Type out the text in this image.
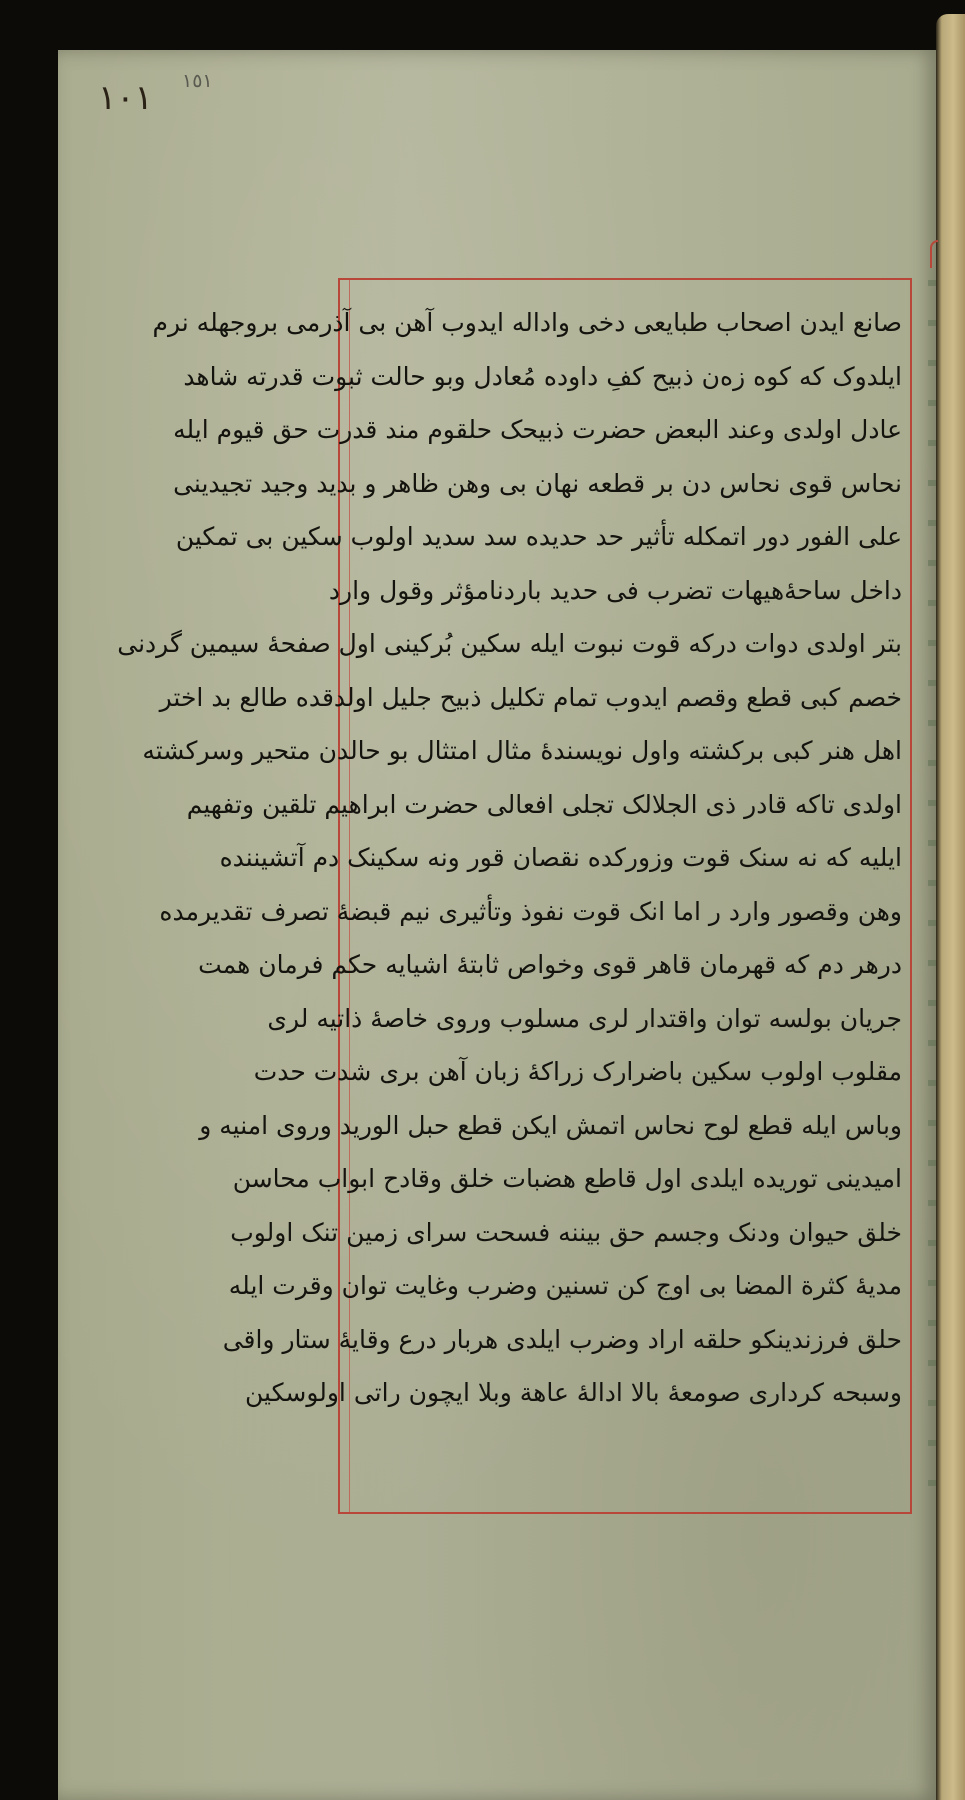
١٠١ ١٥١
صانع ایدن اصحاب طبایعی دخی وادالە ایدوب آهن بی آذرمی بروجهلە نرم
ایلدوک کە کوه زەن ذبیح کفِ داودە مُعادل وبو حالت ثبوت قدرتە شاهد
عادل اولدی وعند البعض حضرت ذبیحک حلقوم مند قدرت حق قیوم ایلە
نحاس قوی نحاس دن بر قطعە نهان بی وهن ظاهر و بدید وجید تجیدینی
علی الفور دور اتمکلە تأثیر حد حدیدە سد سدید اولوب سکین بی تمکین
داخل ساحۀ
هیهات تضرب فی حدید بارد
نامؤثر وقول وارد
بتر اولدی دوات درکە قوت نبوت ایلە سکین بُرکینی اول صفحۀ سیمین گردنی
خصم کبی قطع وقصم ایدوب تمام تکلیل ذبیح جلیل اولدقدە طالع بد اختر
اهل هنر کبی برکشتە واول نویسندۀ مثال امتثال بو حالدن متحیر وسرکشتە
اولدی تاکە قادر ذی الجلالک تجلی افعالی حضرت ابراهیم تلقین وتفهیم
ایلیە کە نە سنک قوت وزورکدە نقصان قور ونە سکینک دم آتشینندە
وهن وقصور وارد ر اما انک قوت نفوذ وتأثیری نیم قبضۀ تصرف تقدیرمدە
درهر دم کە قهرمان قاهر قوی وخواص ثابتۀ اشیایە حکم فرمان همت
جریان بولسە توان واقتدار لری مسلوب وروی خاصۀ ذاتیە لری
مقلوب اولوب سکین باضرارک زراکۀ زبان آهن بری شدت حدت
وباس ایلە قطع لوح نحاس اتمش ایکن قطع حبل الورید وروی امنیە و
امیدینی توریدە ایلدی اول قاطع هضبات خلق وقادح ابواب محاسن
خلق حیوان ودنک وجسم حق بیننە فسحت سرای زمین تنک اولوب
مدیۀ کثرة المضا بی اوج کن تسنین وضرب وغایت توان وقرت ایلە
حلق فرزندینکو حلقە اراد وضرب ایلدی هربار درع وقایۀ ستار واقی
وسبحە کرداری صومعۀ بالا ادالۀ عاهة وبلا ایچون راتی اولوسکین
